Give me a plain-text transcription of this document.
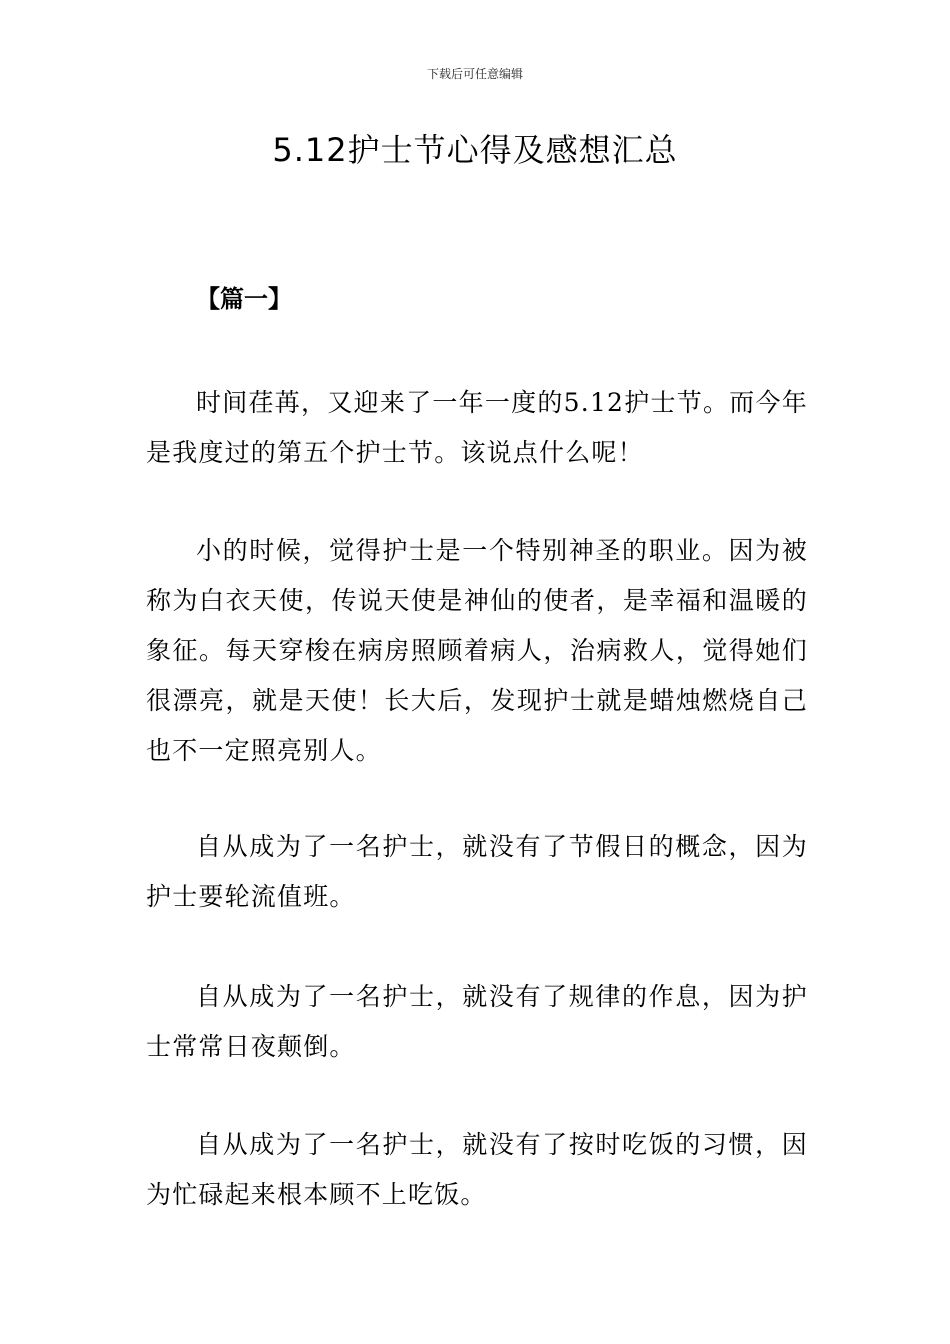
下载后可任意编辑
5.12护士节心得及感想汇总
【篇一】

时间荏苒，又迎来了一年一度的5.12护士节。而今年是我度过的第五个护士节。该说点什么呢！

小的时候，觉得护士是一个特别神圣的职业。因为被称为白衣天使，传说天使是神仙的使者，是幸福和温暖的象征。每天穿梭在病房照顾着病人，治病救人，觉得她们很漂亮，就是天使！长大后，发现护士就是蜡烛燃烧自己也不一定照亮别人。

自从成为了一名护士，就没有了节假日的概念，因为护士要轮流值班。

自从成为了一名护士，就没有了规律的作息，因为护士常常日夜颠倒。

自从成为了一名护士，就没有了按时吃饭的习惯，因为忙碌起来根本顾不上吃饭。
